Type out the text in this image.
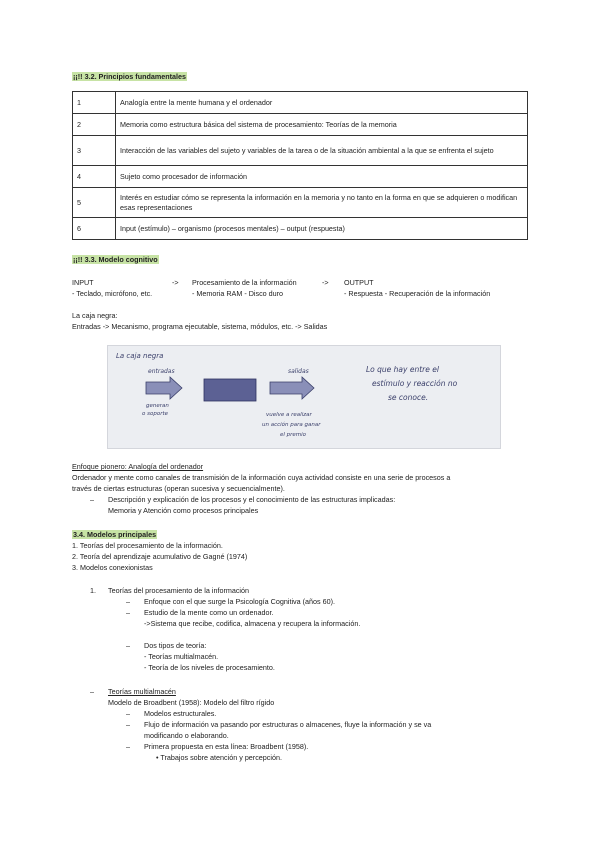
¡¡!! 3.2. Principios fundamentales
1	Analogía entre la mente humana y el ordenador
2	Memoria como estructura básica del sistema de procesamiento: Teorías de la memoria
3	Interacción de las variables del sujeto y variables de la tarea o de la situación ambiental a la que se enfrenta el sujeto
4	Sujeto como procesador de información
5	Interés en estudiar cómo se representa la información en la memoria y no tanto en la forma en que se adquieren o modifican esas representaciones
6	Input (estímulo) – organismo (procesos mentales) – output (respuesta)
¡¡!! 3.3. Modelo cognitivo
INPUT	-> Procesamiento de la información	-> OUTPUT
- Teclado, micrófono, etc.	- Memoria RAM - Disco duro	- Respuesta - Recuperación de la información
La caja negra:
Entradas -> Mecanismo, programa ejecutable, sistema, módulos, etc. -> Salidas
La caja negra
entradas
generan
o soporte
salidas
vuelve a realizar
un acción para ganar
el premio
Lo que hay entre el
estímulo y reacción no
se conoce.
Enfoque pionero: Analogía del ordenador
Ordenador y mente como canales de transmisión de la información cuya actividad consiste en una serie de procesos a
través de ciertas estructuras (operan sucesiva y secuencialmente).
– Descripción y explicación de los procesos y el conocimiento de las estructuras implicadas:
Memoria y Atención como procesos principales
3.4. Modelos principales
1. Teorías del procesamiento de la información.
2. Teoría del aprendizaje acumulativo de Gagné (1974)
3. Modelos conexionistas
1. Teorías del procesamiento de la información
– Enfoque con el que surge la Psicología Cognitiva (años 60).
– Estudio de la mente como un ordenador.
->Sistema que recibe, codifica, almacena y recupera la información.
– Dos tipos de teoría:
- Teorías multialmacén.
- Teoría de los niveles de procesamiento.
– Teorías multialmacén
Modelo de Broadbent (1958): Modelo del filtro rígido
– Modelos estructurales.
– Flujo de información va pasando por estructuras o almacenes, fluye la información y se va
modificando o elaborando.
– Primera propuesta en esta línea: Broadbent (1958).
• Trabajos sobre atención y percepción.
